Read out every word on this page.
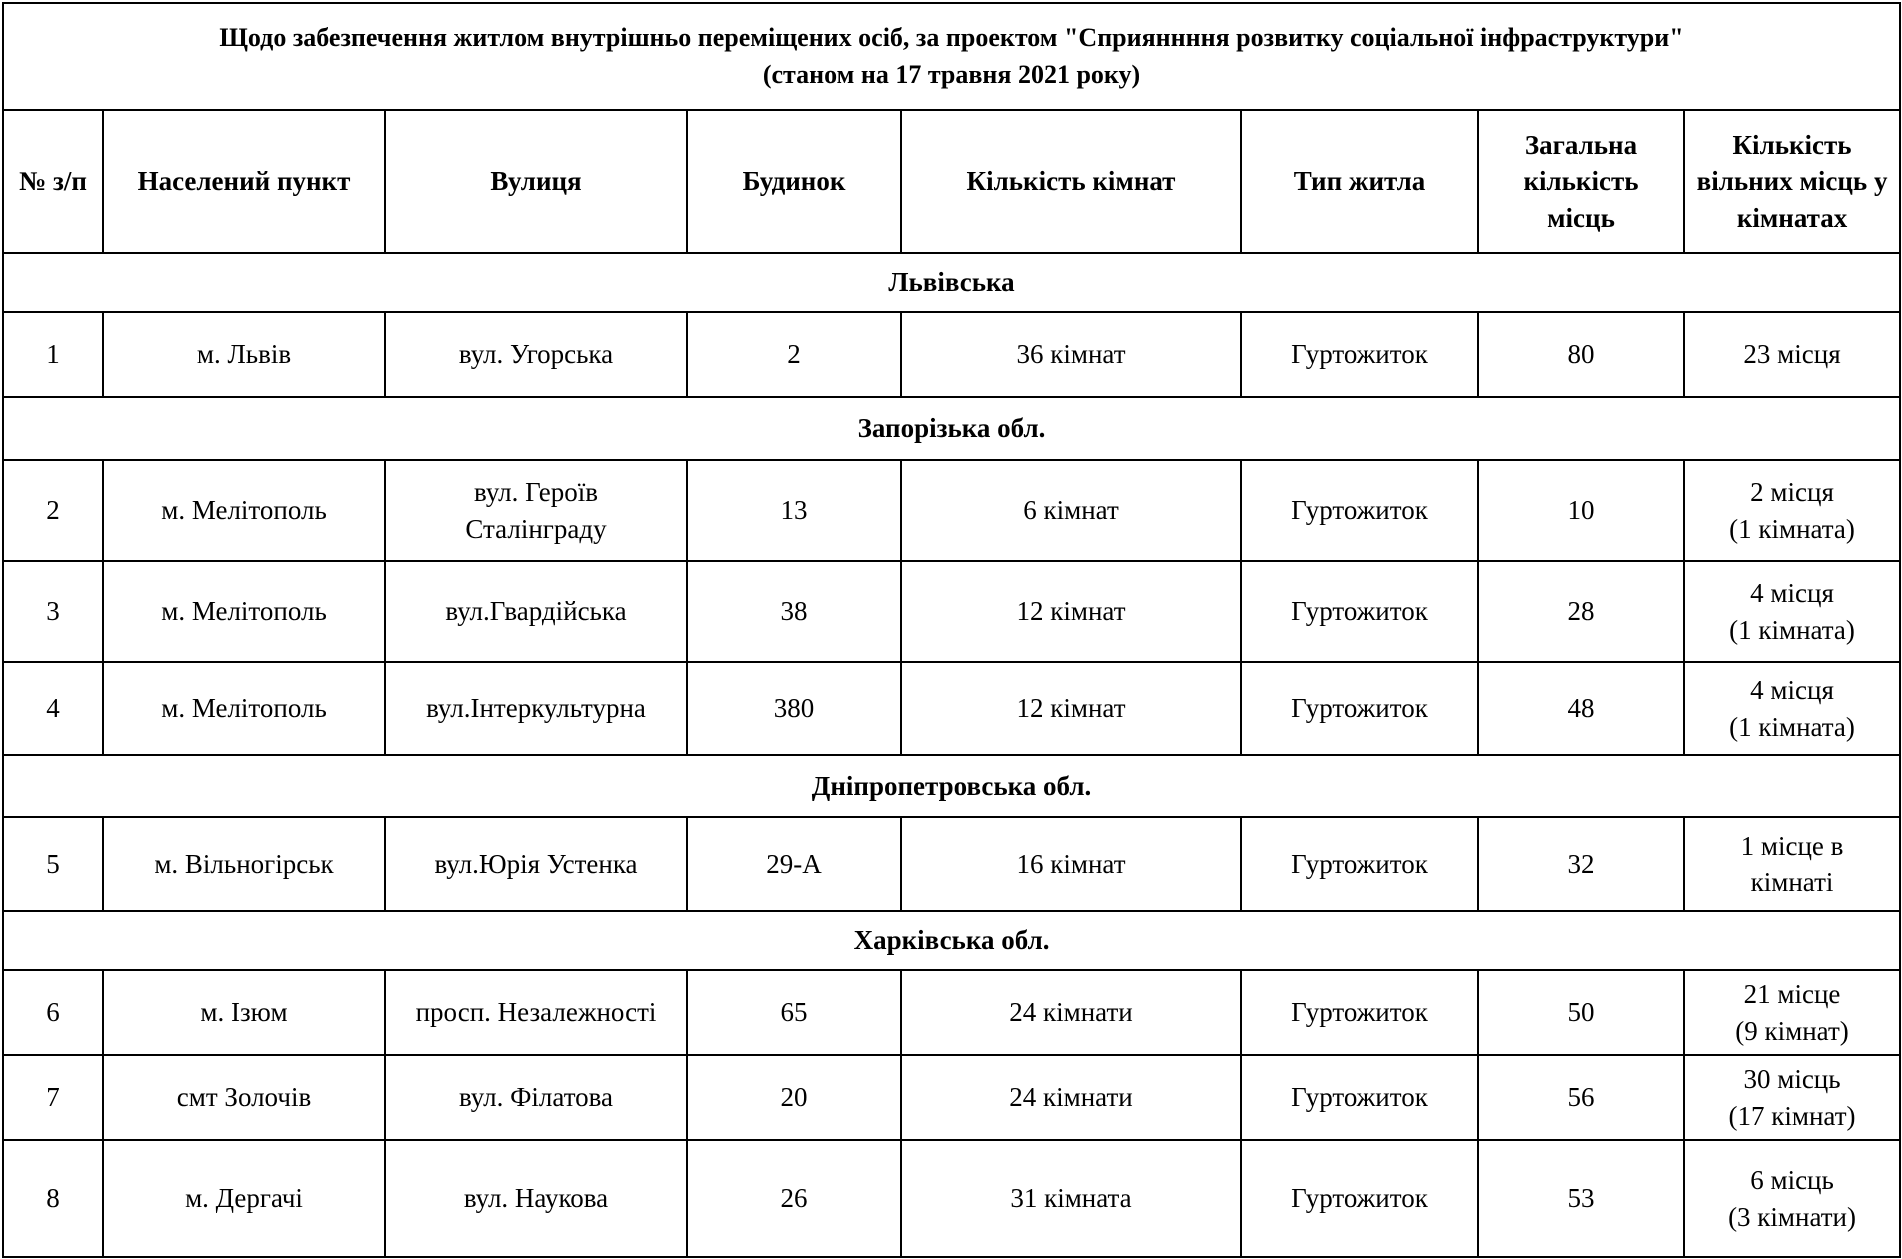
Щодо забезпечення житлом внутрішньо переміщених осіб, за проектом "Сприяннння розвитку соціальної інфраструктури"
(станом на 17 травня 2021 року)							

№ з/п	Населений пункт	Вулиця	Будинок	Кількість кімнат	Тип житла	Загальна
кількість
місць	Кількість
вільних місць у
кімнатах

Львівська							
1	м. Львів	вул. Угорська	2	36 кімнат	Гуртожиток	80	23 місця

Запорізька обл.							
2	м. Мелітополь	вул. Героїв
Сталінграду	13	6 кімнат	Гуртожиток	10	2 місця
(1 кімната)

3	м. Мелітополь	вул.Гвардійська	38	12 кімнат	Гуртожиток	28	4 місця
(1 кімната)

4	м. Мелітополь	вул.Інтеркультурна	380	12 кімнат	Гуртожиток	48	4 місця
(1 кімната)

Дніпропетровська обл.							
5	м. Вільногірськ	вул.Юрія Устенка	29-А	16 кімнат	Гуртожиток	32	1 місце в
кімнаті

Харківська обл.							
6	м. Ізюм	просп. Незалежності	65	24 кімнати	Гуртожиток	50	21 місце
(9 кімнат)

7	смт Золочів	вул. Філатова	20	24 кімнати	Гуртожиток	56	30 місць
(17 кімнат)

8	м. Дергачі	вул. Наукова	26	31 кімната	Гуртожиток	53	6 місць
(3 кімнати)
